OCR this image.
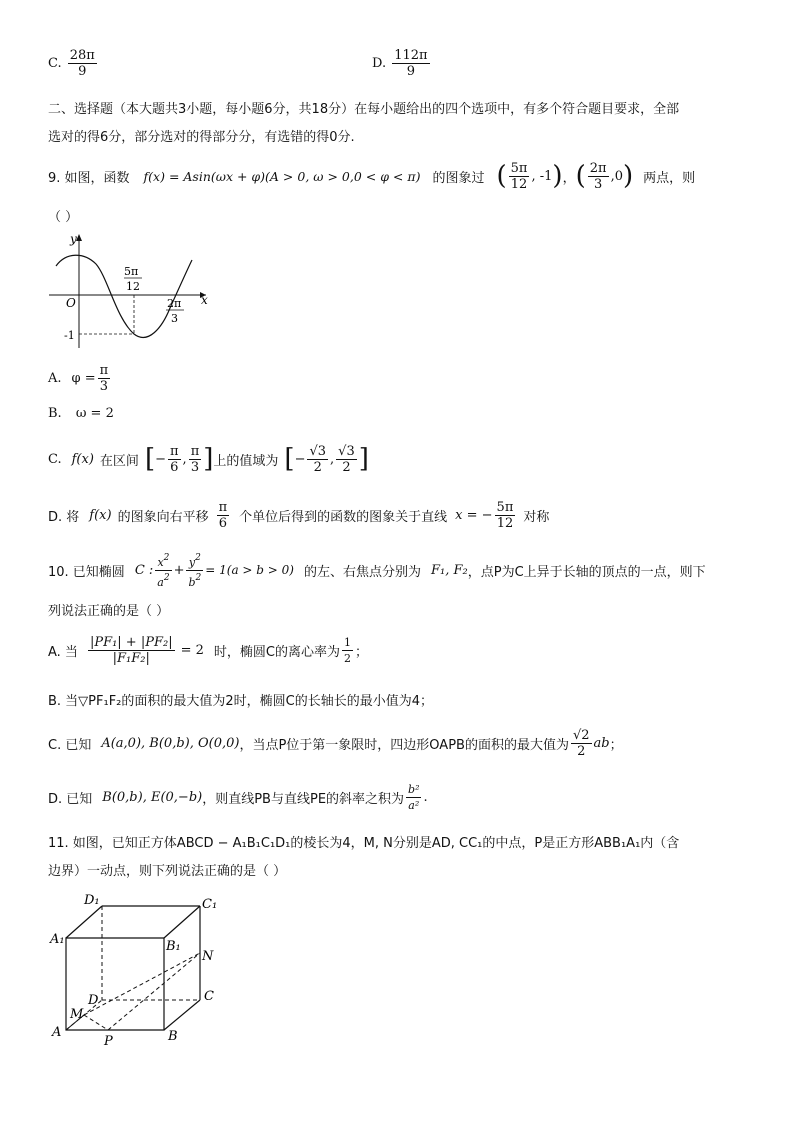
C. $\frac{28\pi}{9}$	D. $\frac{112\pi}{9}$
二、选择题（本大题共3小题，每小题6分，共18分）在每小题给出的四个选项中，有多个符合题目要求，全部
选对的得6分，部分选对的得部分分，有选错的得0分.
9. 如图，函数 f(x) = Asin(ωx + φ)(A > 0, ω > 0,0 < φ < π) 的图象过 ( $\frac{5\pi}{12}$ , -1 ) ， ( $\frac{2\pi}{3} ,0$ ) 两点，则
（ ）
y
x
O
-1
5π
12
2π
3
A. $\varphi = \frac{\pi}{3}$
B. ω = 2
C. f(x) 在区间 [ − $\frac{\pi}{6}$ , $\frac{\pi}{3}$ ] 上的值域为 [ − $\frac{√3}{2}$ , $\frac{√3}{2}$ ]
D. 将 f(x) 的图象向右平移 $\frac{\pi}{6}$ 个单位后得到的函数的图象关于直线 x = − $\frac{5\pi}{12}$ 对称
10. 已知椭圆 C : $\frac{x^2}{a^2} + \frac{y^2}{b^2} = 1(a > b > 0)$ 的左、右焦点分别为 F₁, F₂ ，点P为C上异于长轴的顶点的一点，则下
列说法正确的是（ ）
A. 当 $\frac{\text{|PF₁| + |PF₂|}}{\text{|F₁F₂|}} = 2$ 时，椭圆C的离心率为 $\frac{1}{2}$ ；
B. 当▽PF₁F₂的面积的最大值为2时，椭圆C的长轴长的最小值为4；
C. 已知 A(a,0), B(0,b), O(0,0) ，当点P位于第一象限时，四边形OAPB的面积的最大值为 $\frac{√2}{2}$ ab ；
D. 已知 B(0,b), E(0,−b) ，则直线PB与直线PE的斜率之积为 $\frac{\text{b²}}{\text{a²}}$ .
11. 如图，已知正方体ABCD − A₁B₁C₁D₁的棱长为4，M, N分别是AD, CC₁的中点，P是正方形ABB₁A₁内（含
边界）一动点，则下列说法正确的是（ ）
A	B
C
D
A₁	B₁
C₁
D₁
M
N
P
